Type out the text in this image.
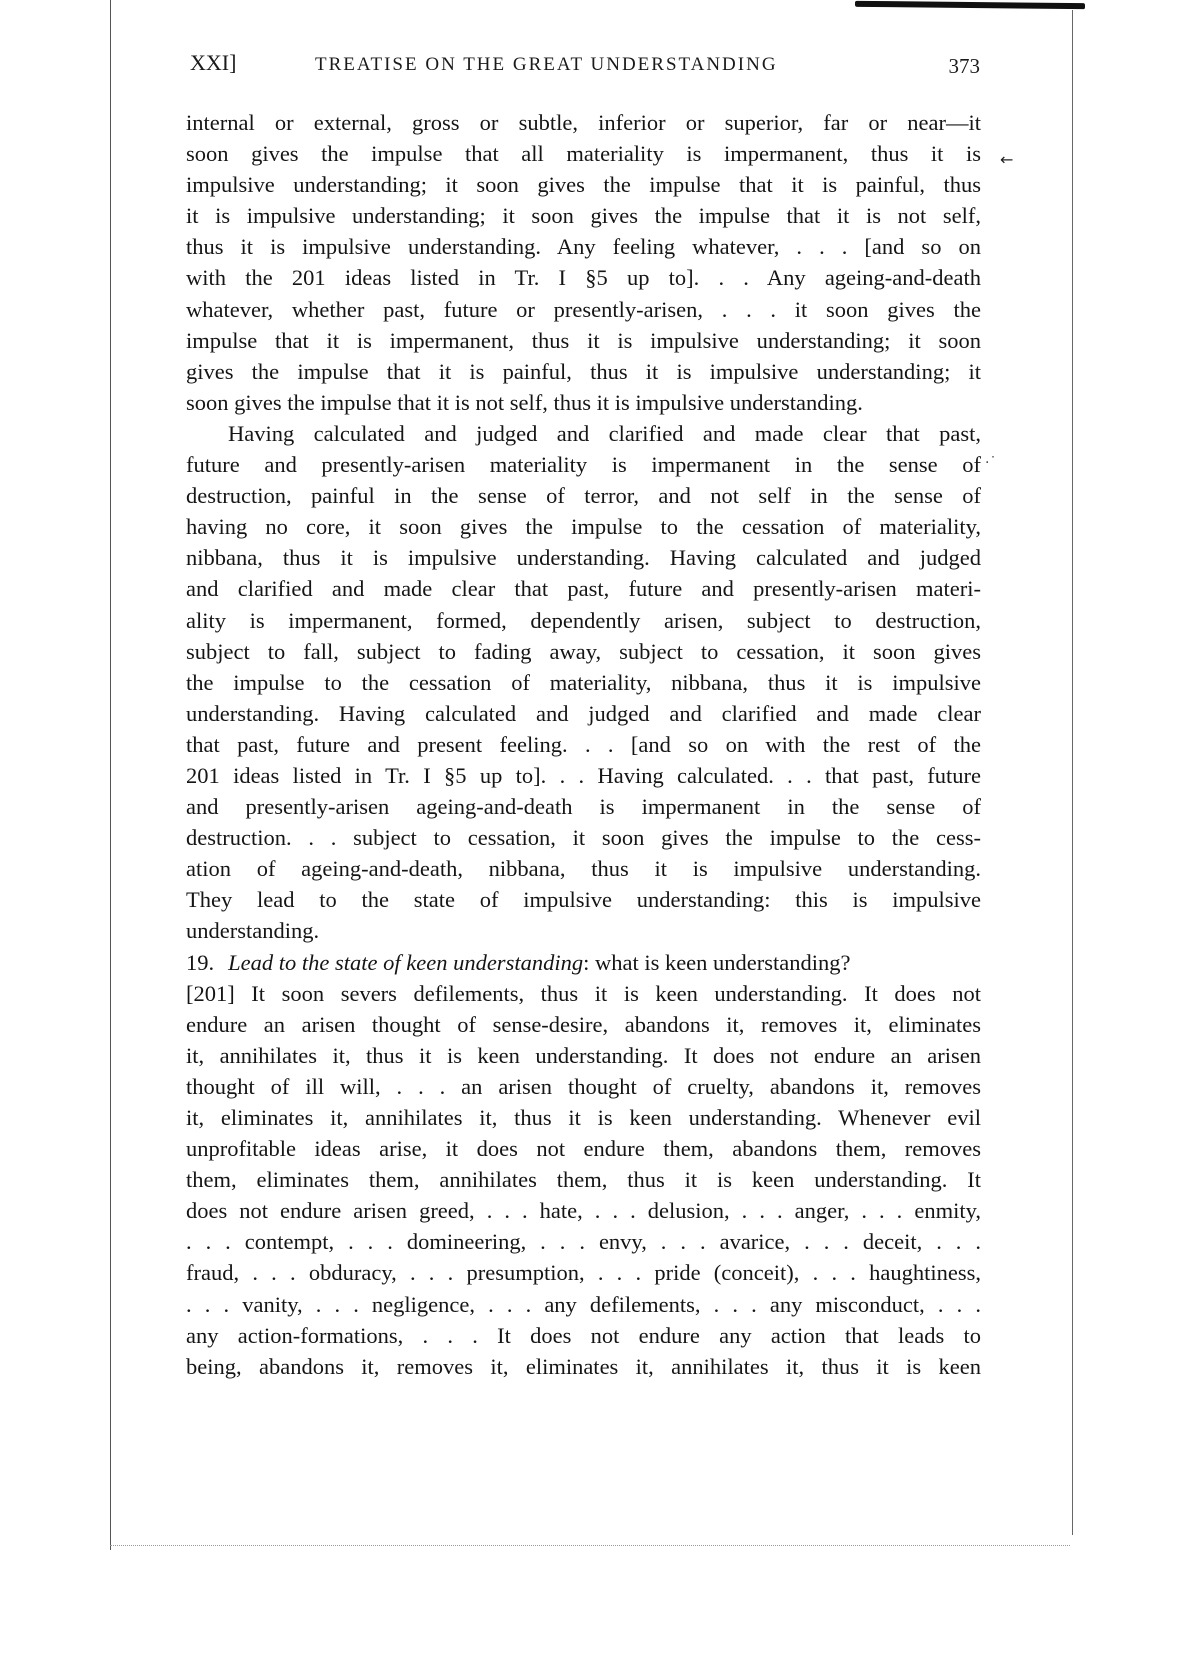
XXI]	TREATISE ON THE GREAT UNDERSTANDING	373
internal or external, gross or subtle, inferior or superior, far or near—it
soon gives the impulse that all materiality is impermanent, thus it is
impulsive understanding; it soon gives the impulse that it is painful, thus
it is impulsive understanding; it soon gives the impulse that it is not self,
thus it is impulsive understanding. Any feeling whatever, . . . [and so on
with the 201 ideas listed in Tr. I §5 up to]. . . Any ageing-and-death
whatever, whether past, future or presently-arisen, . . . it soon gives the
impulse that it is impermanent, thus it is impulsive understanding; it soon
gives the impulse that it is painful, thus it is impulsive understanding; it
soon gives the impulse that it is not self, thus it is impulsive understanding.
Having calculated and judged and clarified and made clear that past,
future and presently-arisen materiality is impermanent in the sense of
destruction, painful in the sense of terror, and not self in the sense of
having no core, it soon gives the impulse to the cessation of materiality,
nibbana, thus it is impulsive understanding. Having calculated and judged
and clarified and made clear that past, future and presently-arisen materi-
ality is impermanent, formed, dependently arisen, subject to destruction,
subject to fall, subject to fading away, subject to cessation, it soon gives
the impulse to the cessation of materiality, nibbana, thus it is impulsive
understanding. Having calculated and judged and clarified and made clear
that past, future and present feeling. . . [and so on with the rest of the
201 ideas listed in Tr. I §5 up to]. . . Having calculated. . . that past, future
and presently-arisen ageing-and-death is impermanent in the sense of
destruction. . . subject to cessation, it soon gives the impulse to the cess-
ation of ageing-and-death, nibbana, thus it is impulsive understanding.
They lead to the state of impulsive understanding: this is impulsive
understanding.
19. Lead to the state of keen understanding: what is keen understanding?
[201] It soon severs defilements, thus it is keen understanding. It does not
endure an arisen thought of sense-desire, abandons it, removes it, eliminates
it, annihilates it, thus it is keen understanding. It does not endure an arisen
thought of ill will, . . . an arisen thought of cruelty, abandons it, removes
it, eliminates it, annihilates it, thus it is keen understanding. Whenever evil
unprofitable ideas arise, it does not endure them, abandons them, removes
them, eliminates them, annihilates them, thus it is keen understanding. It
does not endure arisen greed, . . . hate, . . . delusion, . . . anger, . . . enmity,
. . . contempt, . . . domineering, . . . envy, . . . avarice, . . . deceit, . . .
fraud, . . . obduracy, . . . presumption, . . . pride (conceit), . . . haughtiness,
. . . vanity, . . . negligence, . . . any defilements, . . . any misconduct, . . .
any action-formations, . . . It does not endure any action that leads to
being, abandons it, removes it, eliminates it, annihilates it, thus it is keen
←
·˙
